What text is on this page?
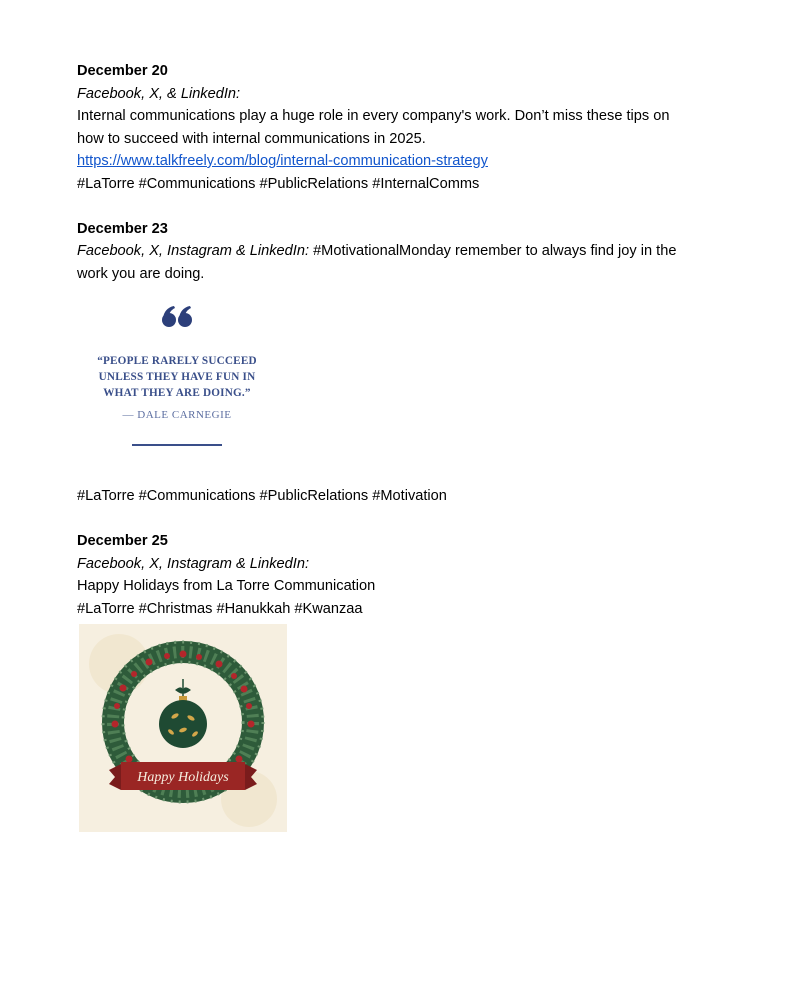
December 20
Facebook, X, & LinkedIn:
Internal communications play a huge role in every company's work. Don’t miss these tips on
how to succeed with internal communications in 2025.
https://www.talkfreely.com/blog/internal-communication-strategy
#LaTorre #Communications #PublicRelations #InternalComms
December 23
Facebook, X, Instagram & LinkedIn: #MotivationalMonday remember to always find joy in the
work you are doing.
“PEOPLE RARELY SUCCEED
UNLESS THEY HAVE FUN IN
WHAT THEY ARE DOING.”
— DALE CARNEGIE
#LaTorre #Communications #PublicRelations #Motivation
December 25
Facebook, X, Instagram & LinkedIn:
Happy Holidays from La Torre Communication
#LaTorre #Christmas #Hanukkah #Kwanzaa
Happy Holidays
